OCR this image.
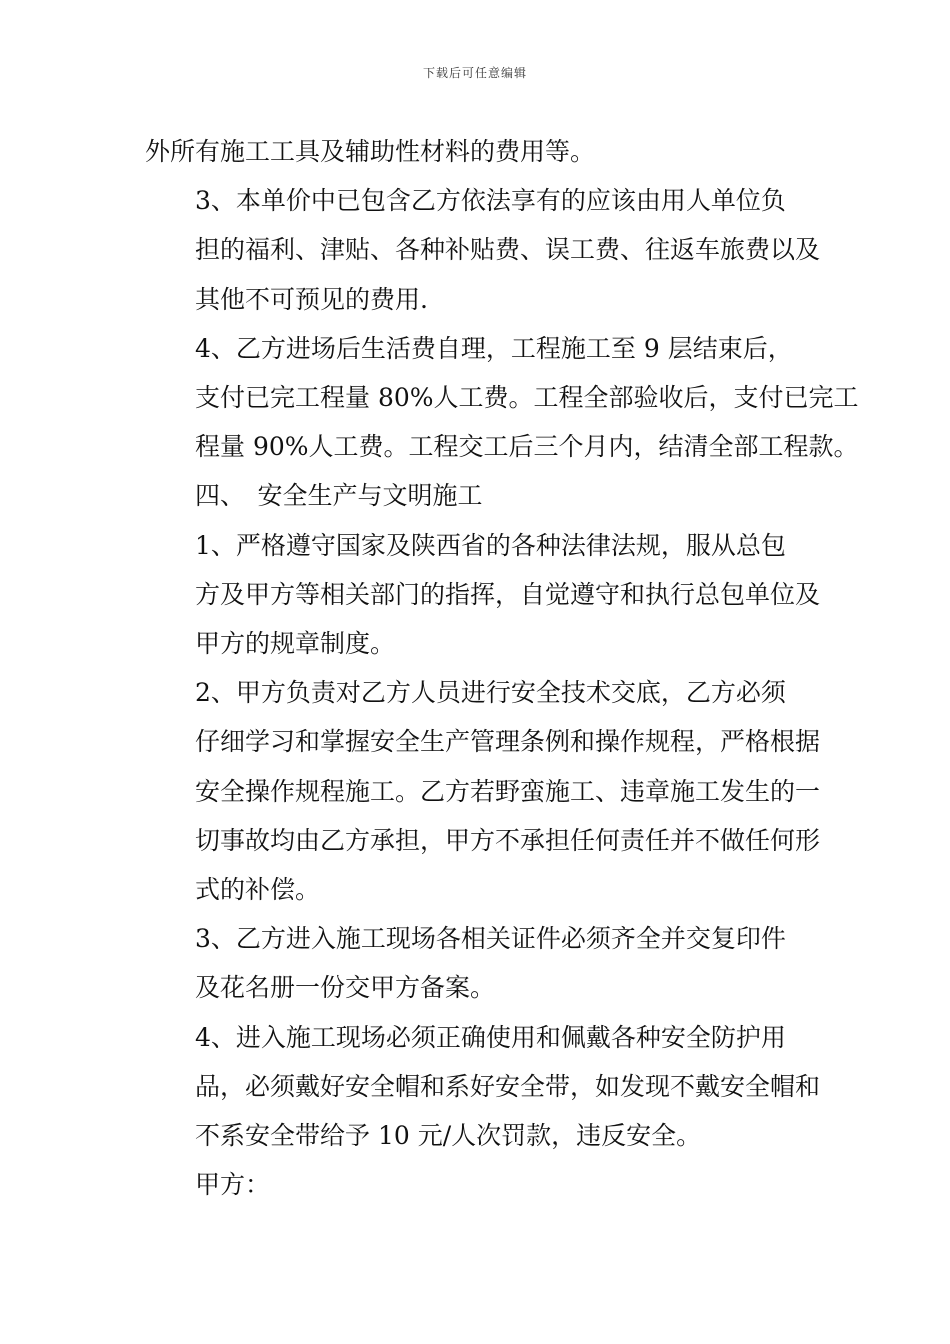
下载后可任意编辑

外所有施工工具及辅助性材料的费用等。

3、本单价中已包含乙方依法享有的应该由用人单位负
担的福利、津贴、各种补贴费、误工费、往返车旅费以及
其他不可预见的费用.

4、乙方进场后生活费自理，工程施工至 9 层结束后，
支付已完工程量 80%人工费。工程全部验收后，支付已完工
程量 90%人工费。工程交工后三个月内，结清全部工程款。

四、　安全生产与文明施工

1、严格遵守国家及陕西省的各种法律法规，服从总包
方及甲方等相关部门的指挥，自觉遵守和执行总包单位及
甲方的规章制度。

2、甲方负责对乙方人员进行安全技术交底，乙方必须
仔细学习和掌握安全生产管理条例和操作规程，严格根据
安全操作规程施工。乙方若野蛮施工、违章施工发生的一
切事故均由乙方承担，甲方不承担任何责任并不做任何形
式的补偿。

3、乙方进入施工现场各相关证件必须齐全并交复印件
及花名册一份交甲方备案。

4、进入施工现场必须正确使用和佩戴各种安全防护用
品，必须戴好安全帽和系好安全带，如发现不戴安全帽和
不系安全带给予 10 元/人次罚款，违反安全。

甲方：
